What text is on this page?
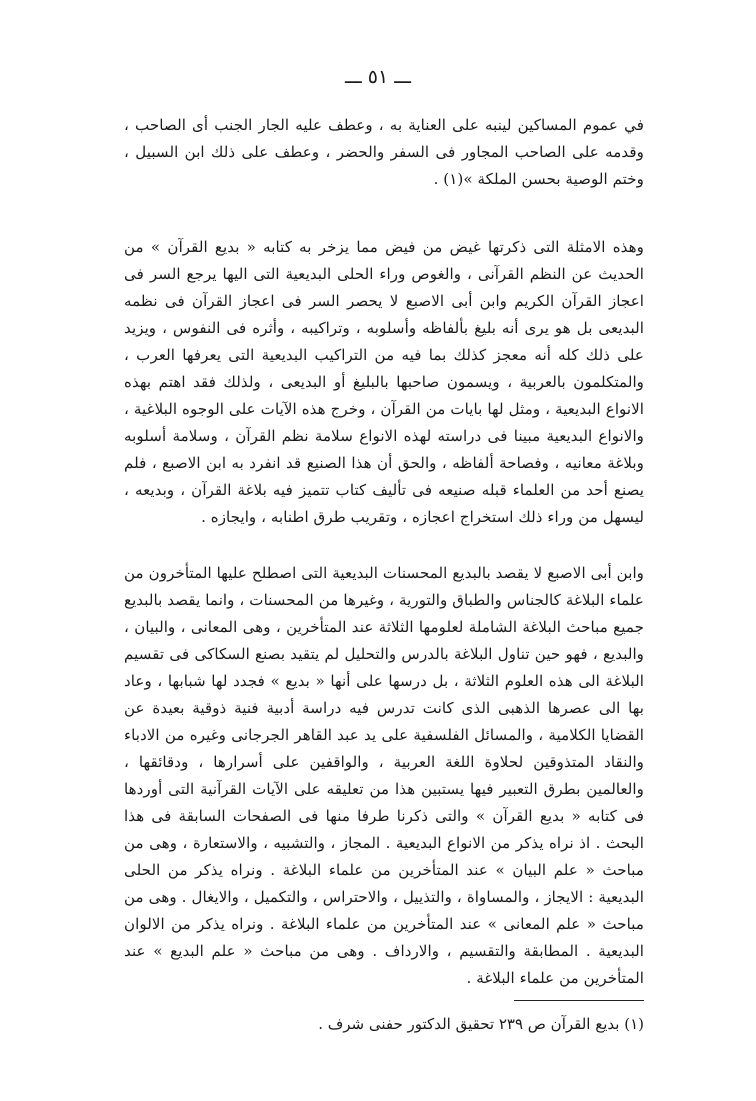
ـــ ٥١ ـــ

في عموم المساكين لينبه على العناية به ، وعطف عليه الجار الجنب أى الصاحب ، وقدمه على الصاحب المجاور فى السفر والحضر ، وعطف على ذلك ابن السبيل ، وختم الوصية بحسن الملكة »(١) .

وهذه الامثلة التى ذكرتها غيض من فيض مما يزخر به كتابه « بديع القرآن » من الحديث عن النظم القرآنى ، والغوص وراء الحلى البديعية التى اليها يرجع السر فى اعجاز القرآن الكريم وابن أبى الاصبع لا يحصر السر فى اعجاز القرآن فى نظمه البديعى بل هو يرى أنه بليغ بألفاظه وأسلوبه ، وتراكيبه ، وأثره فى النفوس ، ويزيد على ذلك كله أنه معجز كذلك بما فيه من التراكيب البديعية التى يعرفها العرب ، والمتكلمون بالعربية ، ويسمون صاحبها بالبليغ أو البديعى ، ولذلك فقد اهتم بهذه الانواع البديعية ، ومثل لها بايات من القرآن ، وخرج هذه الآيات على الوجوه البلاغية ، والانواع البديعية مبينا فى دراسته لهذه الانواع سلامة نظم القرآن ، وسلامة أسلوبه وبلاغة معانيه ، وفصاحة ألفاظه ، والحق أن هذا الصنيع قد انفرد به ابن الاصبع ، فلم يصنع أحد من العلماء قبله صنيعه فى تأليف كتاب تتميز فيه بلاغة القرآن ، وبديعه ، ليسهل من وراء ذلك استخراج اعجازه ، وتقريب طرق اطنابه ، وايجازه .

وابن أبى الاصبع لا يقصد بالبديع المحسنات البديعية التى اصطلح عليها المتأخرون من علماء البلاغة كالجناس والطباق والتورية ، وغيرها من المحسنات ، وانما يقصد بالبديع جميع مباحث البلاغة الشاملة لعلومها الثلاثة عند المتأخرين ، وهى المعانى ، والبيان ، والبديع ، فهو حين تناول البلاغة بالدرس والتحليل لم يتقيد بصنع السكاكى فى تقسيم البلاغة الى هذه العلوم الثلاثة ، بل درسها على أنها « بديع » فجدد لها شبابها ، وعاد بها الى عصرها الذهبى الذى كانت تدرس فيه دراسة أدبية فنية ذوقية بعيدة عن القضايا الكلامية ، والمسائل الفلسفية على يد عبد القاهر الجرجانى وغيره من الادباء والنقاد المتذوقين لحلاوة اللغة العربية ، والواقفين على أسرارها ، ودقائقها ، والعالمين بطرق التعبير فيها يستبين هذا من تعليقه على الآيات القرآنية التى أوردها فى كتابه « بديع القرآن » والتى ذكرنا طرفا منها فى الصفحات السابقة فى هذا البحث . اذ نراه يذكر من الانواع البديعية . المجاز ، والتشبيه ، والاستعارة ، وهى من مباحث « علم البيان » عند المتأخرين من علماء البلاغة . ونراه يذكر من الحلى البديعية : الايجاز ، والمساواة ، والتذييل ، والاحتراس ، والتكميل ، والايغال . وهى من مباحث « علم المعانى » عند المتأخرين من علماء البلاغة . ونراه يذكر من الالوان البديعية . المطابقة والتقسيم ، والارداف . وهى من مباحث « علم البديع » عند المتأخرين من علماء البلاغة .

(١) بديع القرآن ص ٢٣٩ تحقيق الدكتور حفنى شرف .
